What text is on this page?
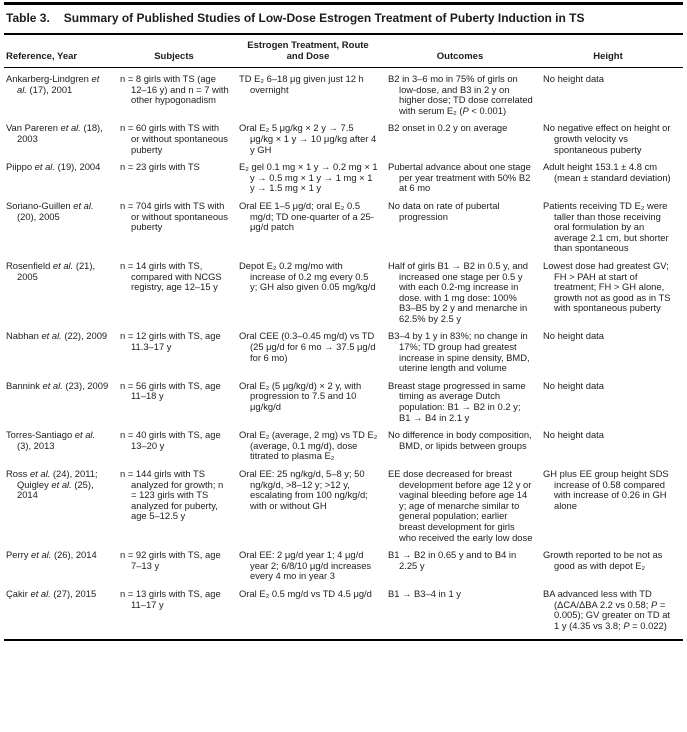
Table 3. Summary of Published Studies of Low-Dose Estrogen Treatment of Puberty Induction in TS
Reference, Year	Subjects	Estrogen Treatment, Route and Dose	Outcomes	Height
Ankarberg-Lindgren et al. (17), 2001	n = 8 girls with TS (age 12–16 y) and n = 7 with other hypogonadism	TD E₂ 6–18 μg given just 12 h overnight	B2 in 3–6 mo in 75% of girls on low-dose, and B3 in 2 y on higher dose; TD dose correlated with serum E₂ (P < 0.001)	No height data
Van Pareren et al. (18), 2003	n = 60 girls with TS with or without spontaneous puberty	Oral E₂ 5 μg/kg × 2 y → 7.5 μg/kg × 1 y → 10 μg/kg after 4 y GH	B2 onset in 0.2 y on average	No negative effect on height or growth velocity vs spontaneous puberty
Piippo et al. (19), 2004	n = 23 girls with TS	E₂ gel 0.1 mg × 1 y → 0.2 mg × 1 y → 0.5 mg × 1 y → 1 mg × 1 y → 1.5 mg × 1 y	Pubertal advance about one stage per year treatment with 50% B2 at 6 mo	Adult height 153.1 ± 4.8 cm (mean ± standard deviation)
Soriano-Guillen et al. (20), 2005	n = 704 girls with TS with or without spontaneous puberty	Oral EE 1–5 μg/d; oral E₂ 0.5 mg/d; TD one-quarter of a 25-μg/d patch	No data on rate of pubertal progression	Patients receiving TD E₂ were taller than those receiving oral formulation by an average 2.1 cm, but shorter than spontaneous
Rosenfield et al. (21), 2005	n = 14 girls with TS, compared with NCGS registry, age 12–15 y	Depot E₂ 0.2 mg/mo with increase of 0.2 mg every 0.5 y; GH also given 0.05 mg/kg/d	Half of girls B1 → B2 in 0.5 y, and increased one stage per 0.5 y with each 0.2-mg increase in dose. with 1 mg dose: 100% B3–B5 by 2 y and menarche in 62.5% by 2.5 y	Lowest dose had greatest GV; FH > PAH at start of treatment; FH > GH alone, growth not as good as in TS with spontaneous puberty
Nabhan et al. (22), 2009	n = 12 girls with TS, age 11.3–17 y	Oral CEE (0.3–0.45 mg/d) vs TD (25 μg/d for 6 mo → 37.5 μg/d for 6 mo)	B3–4 by 1 y in 83%; no change in 17%; TD group had greatest increase in spine density, BMD, uterine length and volume	No height data
Bannink et al. (23), 2009	n = 56 girls with TS, age 11–18 y	Oral E₂ (5 μg/kg/d) × 2 y, with progression to 7.5 and 10 μg/kg/d	Breast stage progressed in same timing as average Dutch population: B1 → B2 in 0.2 y; B1 → B4 in 2.1 y	No height data
Torres-Santiago et al. (3), 2013	n = 40 girls with TS, age 13–20 y	Oral E₂ (average, 2 mg) vs TD E₂ (average, 0.1 mg/d), dose titrated to plasma E₂	No difference in body composition, BMD, or lipids between groups	No height data
Ross et al. (24), 2011; Quigley et al. (25), 2014	n = 144 girls with TS analyzed for growth; n = 123 girls with TS analyzed for puberty, age 5–12.5 y	Oral EE: 25 ng/kg/d, 5–8 y; 50 ng/kg/d, >8–12 y; >12 y, escalating from 100 ng/kg/d; with or without GH	EE dose decreased for breast development before age 12 y or vaginal bleeding before age 14 y; age of menarche similar to general population; earlier breast development for girls who received the early low dose	GH plus EE group height SDS increase of 0.58 compared with increase of 0.26 in GH alone
Perry et al. (26), 2014	n = 92 girls with TS, age 7–13 y	Oral EE: 2 μg/d year 1; 4 μg/d year 2; 6/8/10 μg/d increases every 4 mo in year 3	B1 → B2 in 0.65 y and to B4 in 2.25 y	Growth reported to be not as good as with depot E₂
Çakir et al. (27), 2015	n = 13 girls with TS, age 11–17 y	Oral E₂ 0.5 mg/d vs TD 4.5 μg/d	B1 → B3–4 in 1 y	BA advanced less with TD (ΔCA/ΔBA 2.2 vs 0.58; P = 0.005); GV greater on TD at 1 y (4.35 vs 3.8; P = 0.022)
